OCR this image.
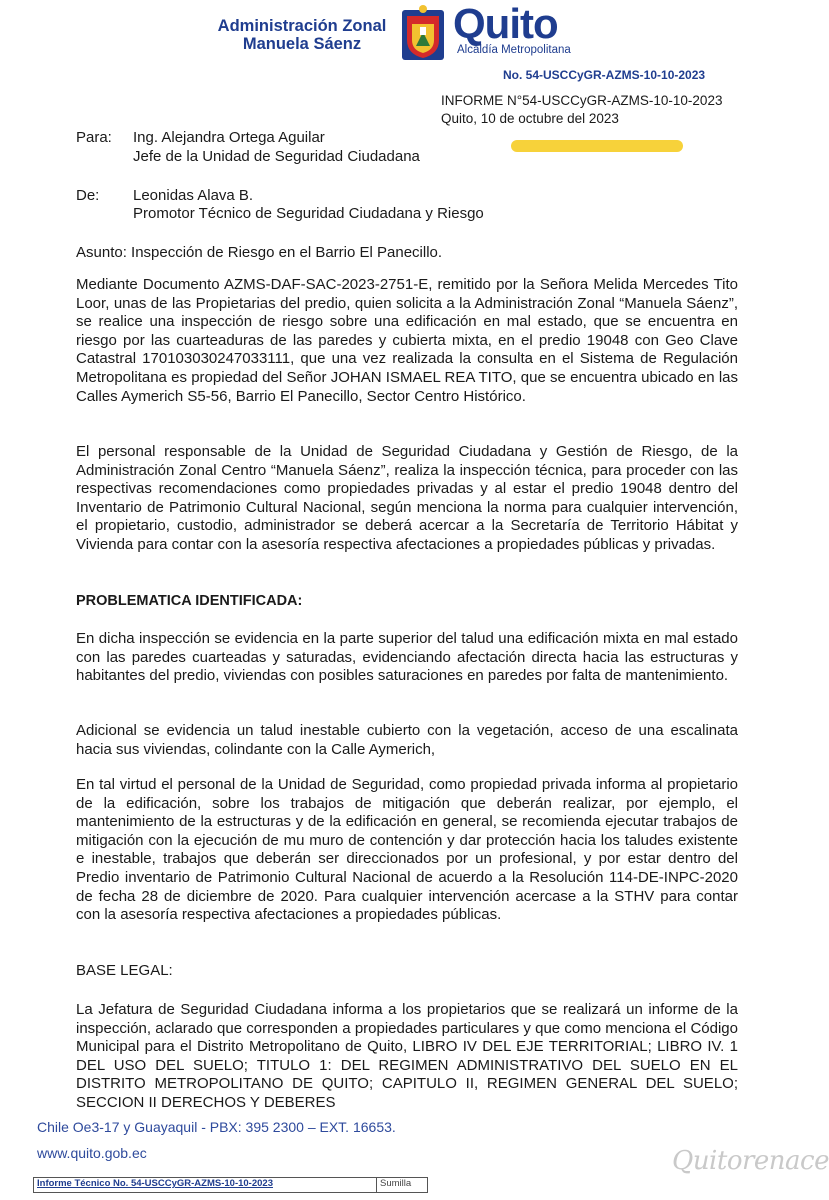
Administración Zonal
Manuela Sáenz	Quito
Alcaldía Metropolitana
No. 54-USCCyGR-AZMS-10-10-2023
INFORME N°54-USCCyGR-AZMS-10-10-2023
Quito, 10 de octubre del 2023
Para: Ing. Alejandra Ortega Aguilar
Jefe de la Unidad de Seguridad Ciudadana
De: Leonidas Alava B.
Promotor Técnico de Seguridad Ciudadana y Riesgo
Asunto: Inspección de Riesgo en el Barrio El Panecillo.

Mediante Documento AZMS-DAF-SAC-2023-2751-E, remitido por la Señora Melida Mercedes Tito Loor, unas de las Propietarias del predio, quien solicita a la Administración Zonal “Manuela Sáenz”, se realice una inspección de riesgo sobre una edificación en mal estado, que se encuentra en riesgo por las cuarteaduras de las paredes y cubierta mixta, en el predio 19048 con Geo Clave Catastral 170103030247033111, que una vez realizada la consulta en el Sistema de Regulación Metropolitana es propiedad del Señor JOHAN ISMAEL REA TITO, que se encuentra ubicado en las Calles Aymerich S5-56, Barrio El Panecillo, Sector Centro Histórico.

El personal responsable de la Unidad de Seguridad Ciudadana y Gestión de Riesgo, de la Administración Zonal Centro “Manuela Sáenz”, realiza la inspección técnica, para proceder con las respectivas recomendaciones como propiedades privadas y al estar el predio 19048 dentro del Inventario de Patrimonio Cultural Nacional, según menciona la norma para cualquier intervención, el propietario, custodio, administrador se deberá acercar a la Secretaría de Territorio Hábitat y Vivienda para contar con la asesoría respectiva afectaciones a propiedades públicas y privadas.

PROBLEMATICA IDENTIFICADA:

En dicha inspección se evidencia en la parte superior del talud una edificación mixta en mal estado con las paredes cuarteadas y saturadas, evidenciando afectación directa hacia las estructuras y habitantes del predio, viviendas con posibles saturaciones en paredes por falta de mantenimiento.

Adicional se evidencia un talud inestable cubierto con la vegetación, acceso de una escalinata hacia sus viviendas, colindante con la Calle Aymerich,

En tal virtud el personal de la Unidad de Seguridad, como propiedad privada informa al propietario de la edificación, sobre los trabajos de mitigación que deberán realizar, por ejemplo, el mantenimiento de la estructuras y de la edificación en general, se recomienda ejecutar trabajos de mitigación con la ejecución de mu muro de contención y dar protección hacia los taludes existente e inestable, trabajos que deberán ser direccionados por un profesional, y por estar dentro del Predio inventario de Patrimonio Cultural Nacional de acuerdo a la Resolución 114-DE-INPC-2020 de fecha 28 de diciembre de 2020. Para cualquier intervención acercase a la STHV para contar con la asesoría respectiva afectaciones a propiedades públicas.

BASE LEGAL:

La Jefatura de Seguridad Ciudadana informa a los propietarios que se realizará un informe de la inspección, aclarado que corresponden a propiedades particulares y que como menciona el Código Municipal para el Distrito Metropolitano de Quito, LIBRO IV DEL EJE TERRITORIAL; LIBRO IV. 1 DEL USO DEL SUELO; TITULO 1: DEL REGIMEN ADMINISTRATIVO DEL SUELO EN EL DISTRITO METROPOLITANO DE QUITO; CAPITULO II, REGIMEN GENERAL DEL SUELO; SECCION II DERECHOS Y DEBERES

Chile Oe3-17 y Guayaquil - PBX: 395 2300 – EXT. 16653.
www.quito.gob.ec	Quitorenace
Informe Técnico No. 54-USCCyGR-AZMS-10-10-2023	Sumilla
